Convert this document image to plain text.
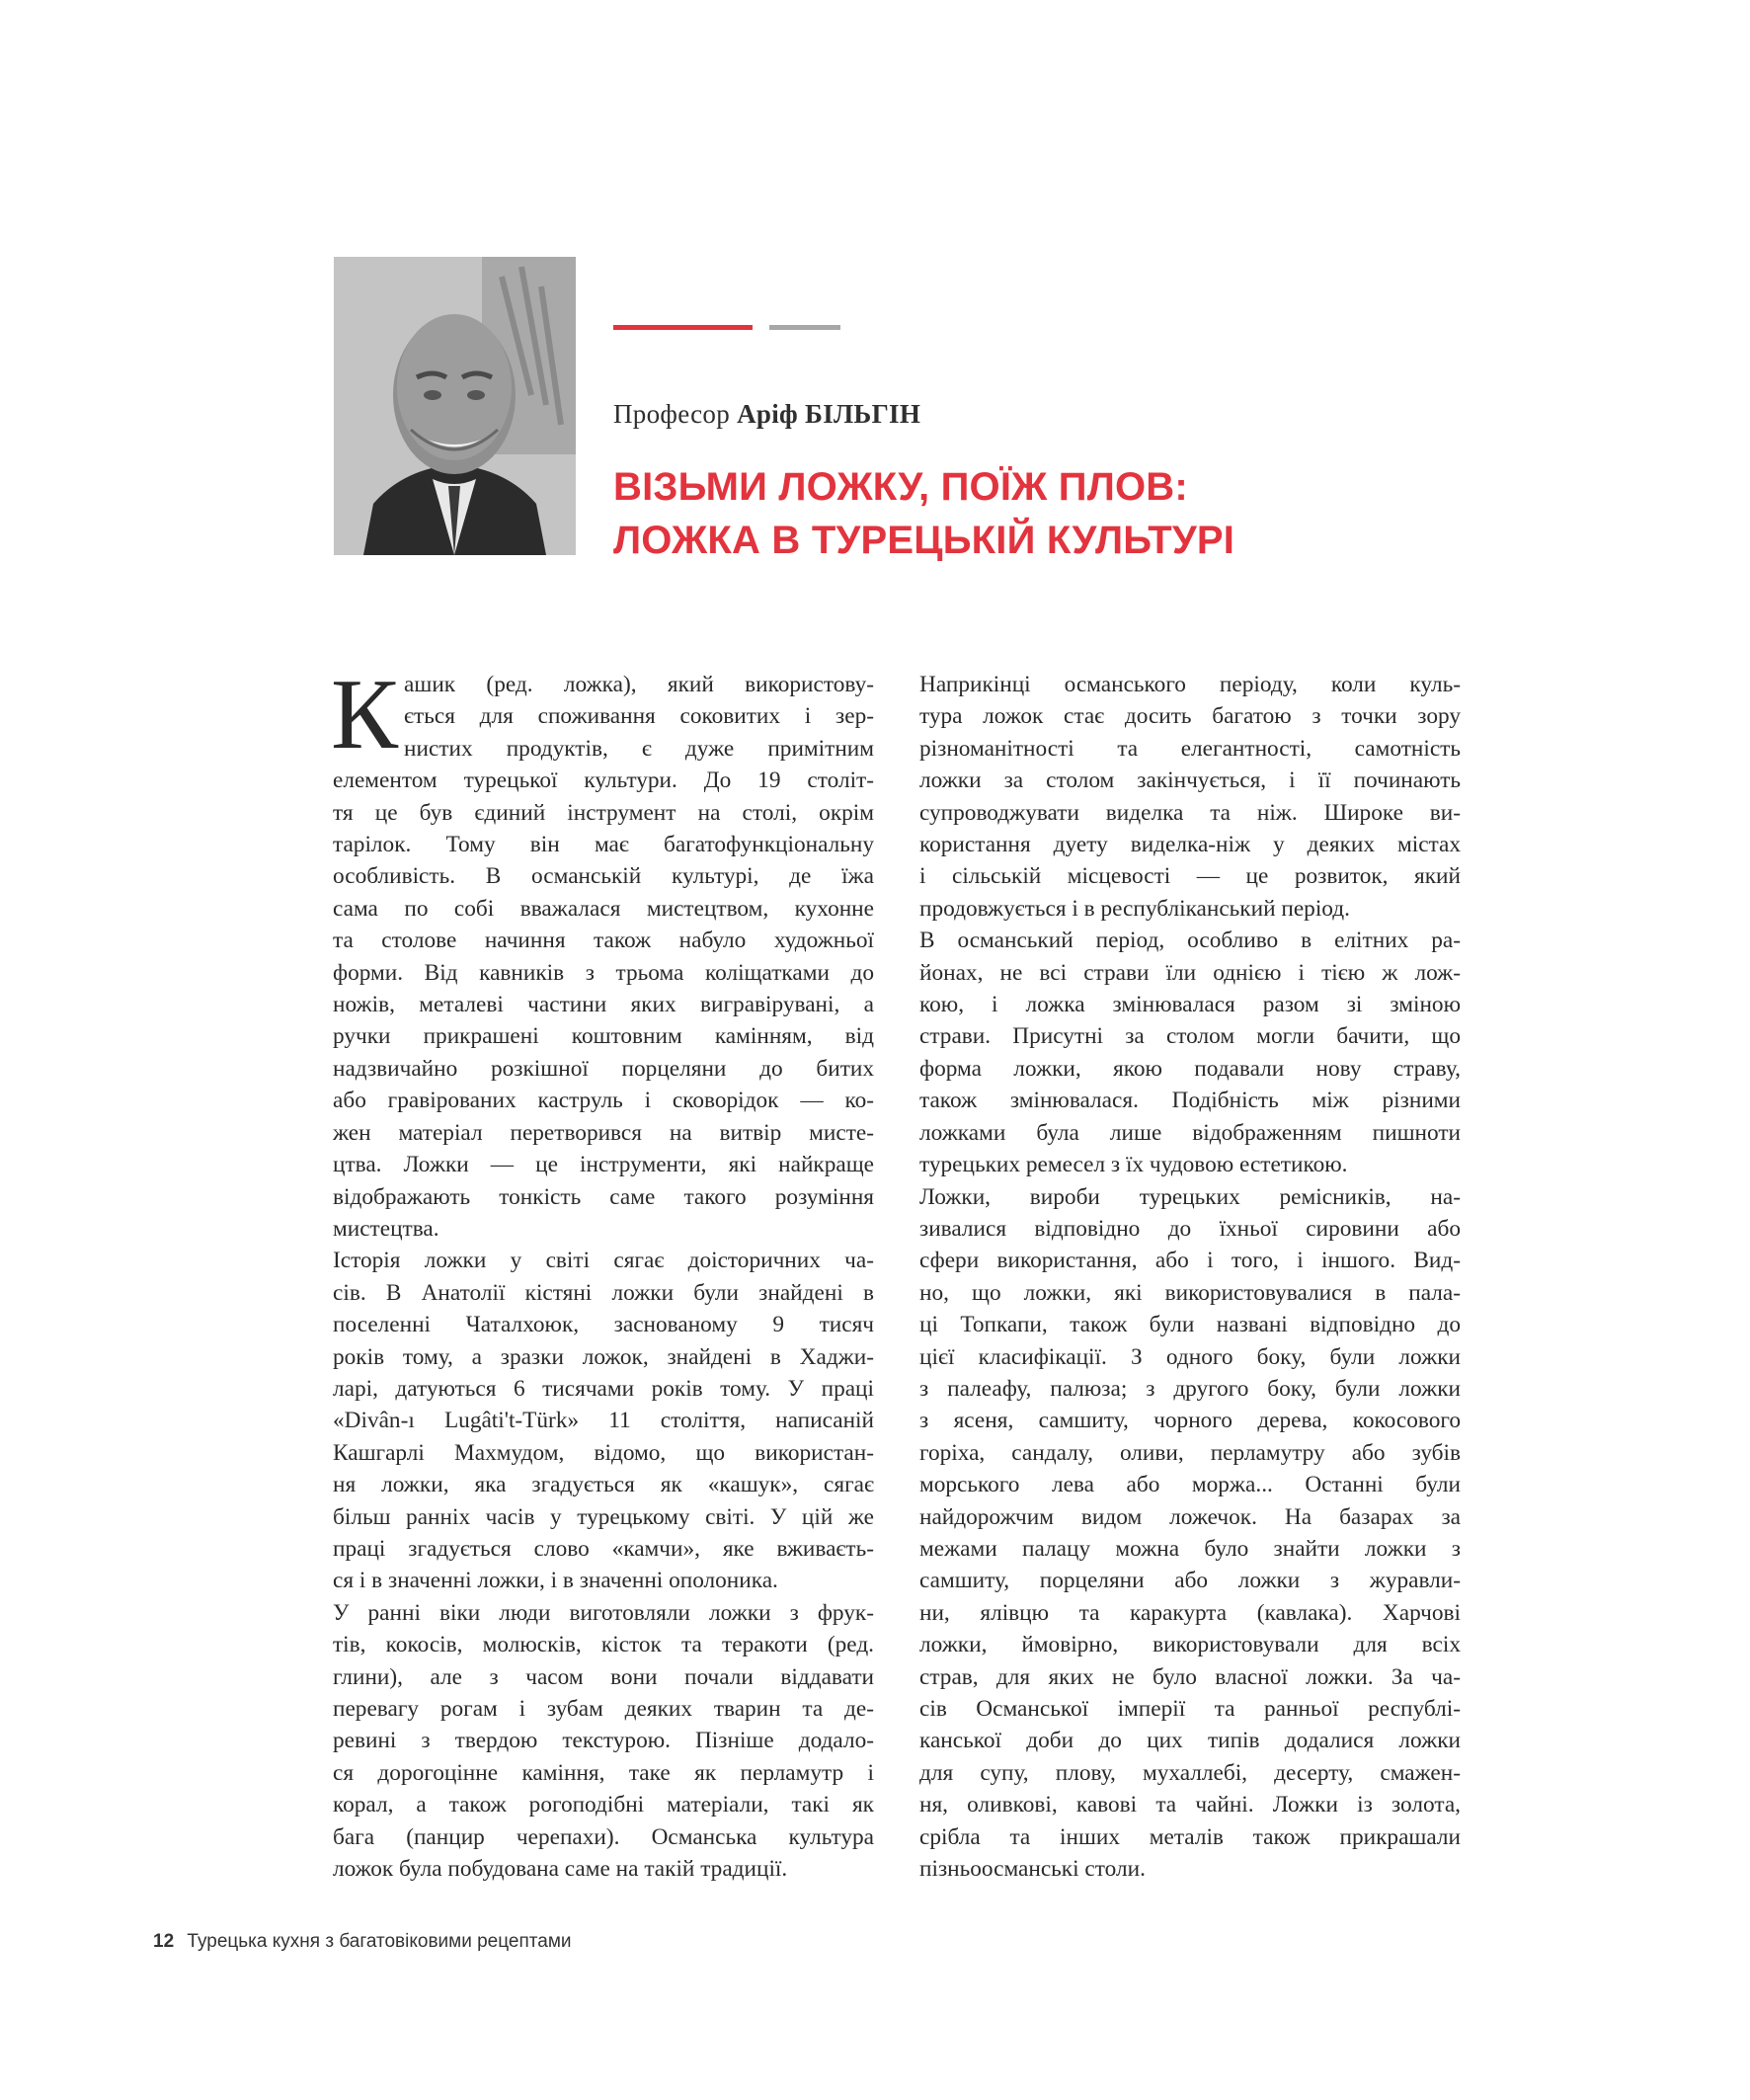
Професор Аріф БІЛЬГІН
ВІЗЬМИ ЛОЖКУ, ПОЇЖ ПЛОВ:
ЛОЖКА В ТУРЕЦЬКІЙ КУЛЬТУРІ
К ашик (ред. ложка), який використову-
ється для споживання соковитих і зер-
нистих продуктів, є дуже примітним
елементом турецької культури. До 19 століт-
тя це був єдиний інструмент на столі, окрім
тарілок. Тому він має багатофункціональну
особливість. В османській культурі, де їжа
сама по собі вважалася мистецтвом, кухонне
та столове начиння також набуло художньої
форми. Від кавників з трьома коліщатками до
ножів, металеві частини яких вигравірувані, а
ручки прикрашені коштовним камінням, від
надзвичайно розкішної порцеляни до битих
або гравірованих каструль і сковорідок — ко-
жен матеріал перетворився на витвір мисте-
цтва. Ложки — це інструменти, які найкраще
відображають тонкість саме такого розуміння
мистецтва.
Історія ложки у світі сягає доісторичних ча-
сів. В Анатолії кістяні ложки були знайдені в
поселенні Чаталхоюк, заснованому 9 тисяч
років тому, а зразки ложок, знайдені в Хаджи-
ларі, датуються 6 тисячами років тому. У праці
«Divân-ı Lugâti't-Türk» 11 століття, написаній
Кашгарлі Махмудом, відомо, що використан-
ня ложки, яка згадується як «кашук», сягає
більш ранніх часів у турецькому світі. У цій же
праці згадується слово «камчи», яке вживаєть-
ся і в значенні ложки, і в значенні ополоника.
У ранні віки люди виготовляли ложки з фрук-
тів, кокосів, молюсків, кісток та теракоти (ред.
глини), але з часом вони почали віддавати
перевагу рогам і зубам деяких тварин та де-
ревині з твердою текстурою. Пізніше додало-
ся дорогоцінне каміння, таке як перламутр і
корал, а також рогоподібні матеріали, такі як
бага (панцир черепахи). Османська культура
ложок була побудована саме на такій традиції.
Наприкінці османського періоду, коли куль-
тура ложок стає досить багатою з точки зору
різноманітності та елегантності, самотність
ложки за столом закінчується, і її починають
супроводжувати виделка та ніж. Широке ви-
користання дуету виделка-ніж у деяких містах
і сільській місцевості — це розвиток, який
продовжується і в республіканський період.
В османський період, особливо в елітних ра-
йонах, не всі страви їли однією і тією ж лож-
кою, і ложка змінювалася разом зі зміною
страви. Присутні за столом могли бачити, що
форма ложки, якою подавали нову страву,
також змінювалася. Подібність між різними
ложками була лише відображенням пишноти
турецьких ремесел з їх чудовою естетикою.
Ложки, вироби турецьких ремісників, на-
зивалися відповідно до їхньої сировини або
сфери використання, або і того, і іншого. Вид-
но, що ложки, які використовувалися в пала-
ці Топкапи, також були названі відповідно до
цієї класифікації. З одного боку, були ложки
з палеафу, палюза; з другого боку, були ложки
з ясеня, самшиту, чорного дерева, кокосового
горіха, сандалу, оливи, перламутру або зубів
морського лева або моржа... Останні були
найдорожчим видом ложечок. На базарах за
межами палацу можна було знайти ложки з
самшиту, порцеляни або ложки з журавли-
ни, ялівцю та каракурта (кавлака). Харчові
ложки, ймовірно, використовували для всіх
страв, для яких не було власної ложки. За ча-
сів Османської імперії та ранньої республі-
канської доби до цих типів додалися ложки
для супу, плову, мухаллебі, десерту, смажен-
ня, оливкові, кавові та чайні. Ложки із золота,
срібла та інших металів також прикрашали
пізньоосманські столи.
12 Турецька кухня з багатовіковими рецептами
